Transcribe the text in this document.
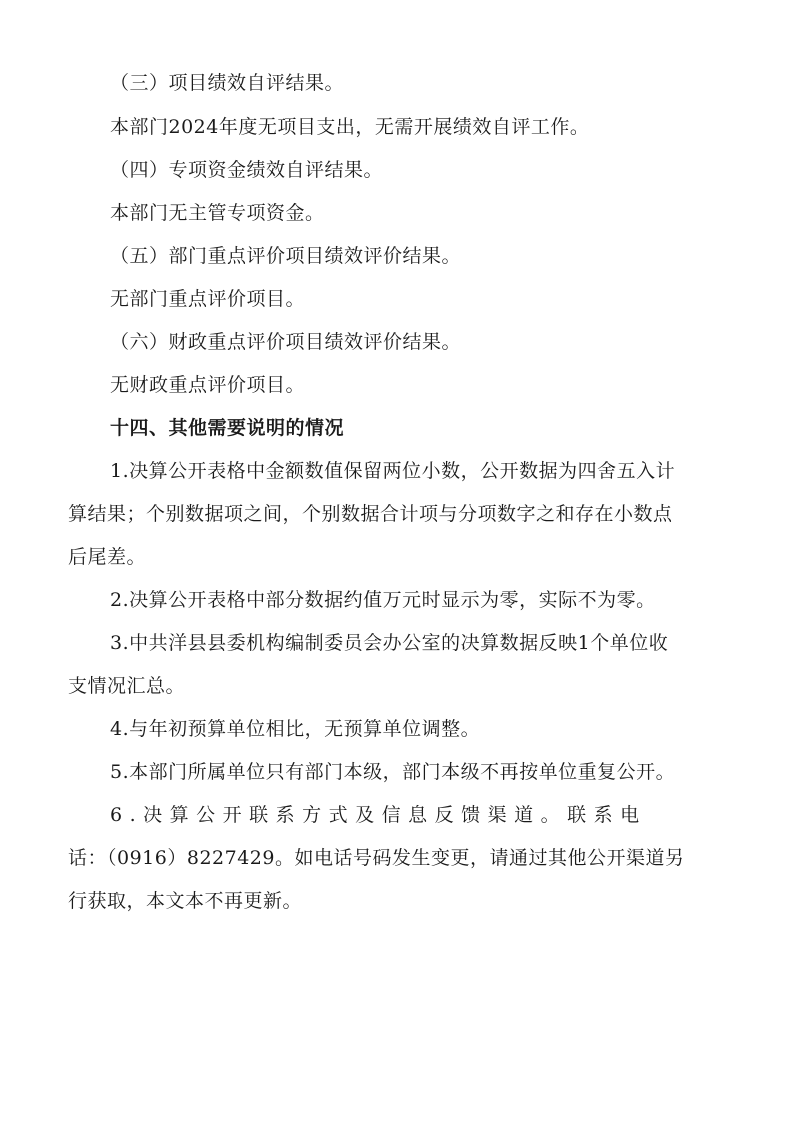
（三）项目绩效自评结果。
本部门2024年度无项目支出，无需开展绩效自评工作。
（四）专项资金绩效自评结果。
本部门无主管专项资金。
（五）部门重点评价项目绩效评价结果。
无部门重点评价项目。
（六）财政重点评价项目绩效评价结果。
无财政重点评价项目。
十四、其他需要说明的情况
1.决算公开表格中金额数值保留两位小数，公开数据为四舍五入计
算结果；个别数据项之间，个别数据合计项与分项数字之和存在小数点
后尾差。
2.决算公开表格中部分数据约值万元时显示为零，实际不为零。
3.中共洋县县委机构编制委员会办公室的决算数据反映1个单位收
支情况汇总。
4.与年初预算单位相比，无预算单位调整。
5.本部门所属单位只有部门本级，部门本级不再按单位重复公开。
6.决算公开联系方式及信息反馈渠道。联系电
话：（0916）8227429。如电话号码发生变更，请通过其他公开渠道另
行获取，本文本不再更新。
